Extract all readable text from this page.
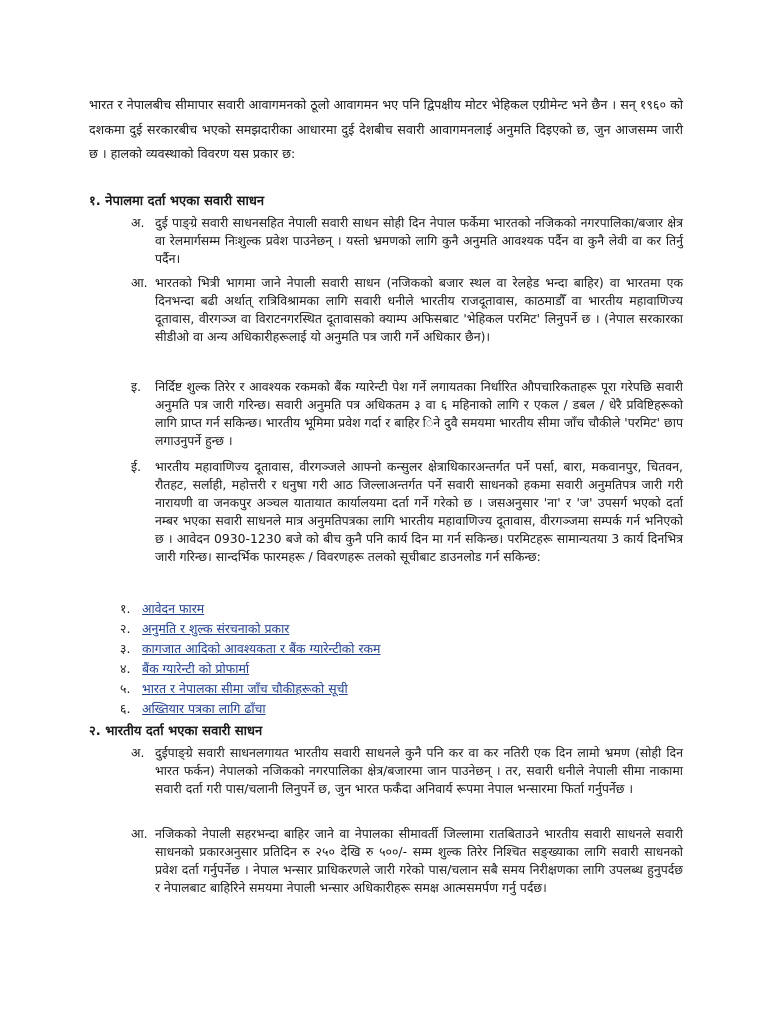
भारत र नेपालबीच सीमापार सवारी आवागमनको ठूलो आवागमन भए पनि द्विपक्षीय मोटर भेहिकल एग्रीमेन्ट भने छैन । सन् १९६० को दशकमा दुई सरकारबीच भएको समझदारीका आधारमा दुई देशबीच सवारी आवागमनलाई अनुमति दिइएको छ, जुन आजसम्म जारी छ । हालको व्यवस्थाको विवरण यस प्रकार छ:

१. नेपालमा दर्ता भएका सवारी साधन
अ. दुई पाङ्ग्रे सवारी साधनसहित नेपाली सवारी साधन सोही दिन नेपाल फर्केमा भारतको नजिकको नगरपालिका/बजार क्षेत्र वा रेलमार्गसम्म निःशुल्क प्रवेश पाउनेछन् । यस्तो भ्रमणको लागि कुनै अनुमति आवश्यक पर्दैन वा कुनै लेवी वा कर तिर्नु पर्दैन।
आ. भारतको भित्री भागमा जाने नेपाली सवारी साधन (नजिकको बजार स्थल वा रेलहेड भन्दा बाहिर) वा भारतमा एक दिनभन्दा बढी अर्थात् रात्रिविश्रामका लागि सवारी धनीले भारतीय राजदूतावास, काठमाडौँ वा भारतीय महावाणिज्य दूतावास, वीरगञ्ज वा विराटनगरस्थित दूतावासको क्याम्प अफिसबाट 'भेहिकल परमिट' लिनुपर्ने छ । (नेपाल सरकारका सीडीओ वा अन्य अधिकारीहरूलाई यो अनुमति पत्र जारी गर्ने अधिकार छैन)।
इ.	निर्दिष्ट शुल्क तिरेर र आवश्यक रकमको बैंक ग्यारेन्टी पेश गर्ने लगायतका निर्धारित औपचारिकताहरू पूरा गरेपछि सवारी अनुमति पत्र जारी गरिन्छ। सवारी अनुमति पत्र अधिकतम ३ वा ६ महिनाको लागि र एकल / डबल / धेरै प्रविष्टिहरूको लागि प्राप्त गर्न सकिन्छ। भारतीय भूमिमा प्रवेश गर्दा र बाहिर िने दुवै समयमा भारतीय सीमा जाँच चौकीले 'परमिट' छाप लगाउनुपर्ने हुन्छ ।
ई.	भारतीय महावाणिज्य दूतावास, वीरगञ्जले आफ्नो कन्सुलर क्षेत्राधिकारअन्तर्गत पर्ने पर्सा, बारा, मकवानपुर, चितवन, रौतहट, सर्लाही, महोत्तरी र धनुषा गरी आठ जिल्लाअन्तर्गत पर्ने सवारी साधनको हकमा सवारी अनुमतिपत्र जारी गरी नारायणी वा जनकपुर अञ्चल यातायात कार्यालयमा दर्ता गर्ने गरेको छ । जसअनुसार 'ना' र 'ज' उपसर्ग भएको दर्ता नम्बर भएका सवारी साधनले मात्र अनुमतिपत्रका लागि भारतीय महावाणिज्य दूतावास, वीरगञ्जमा सम्पर्क गर्न भनिएको छ । आवेदन 0930-1230 बजे को बीच कुनै पनि कार्य दिन मा गर्न सकिन्छ। परमिटहरू सामान्यतया 3 कार्य दिनभित्र जारी गरिन्छ। सान्दर्भिक फारमहरू / विवरणहरू तलको सूचीबाट डाउनलोड गर्न सकिन्छ:
१. आवेदन फारम
२. अनुमति र शुल्क संरचनाको प्रकार
३. कागजात आदिको आवश्यकता र बैंक ग्यारेन्टीको रकम
४. बैंक ग्यारेन्टी को प्रोफार्मा
५. भारत र नेपालका सीमा जाँच चौकीहरूको सूची
६. अख्तियार पत्रका लागि ढाँचा
२. भारतीय दर्ता भएका सवारी साधन
अ. दुईपाङ्ग्रे सवारी साधनलगायत भारतीय सवारी साधनले कुनै पनि कर वा कर नतिरी एक दिन लामो भ्रमण (सोही दिन भारत फर्कन) नेपालको नजिकको नगरपालिका क्षेत्र/बजारमा जान पाउनेछन् । तर, सवारी धनीले नेपाली सीमा नाकामा सवारी दर्ता गरी पास/चलानी लिनुपर्ने छ, जुन भारत फर्कँदा अनिवार्य रूपमा नेपाल भन्सारमा फिर्ता गर्नुपर्नेछ ।
आ. नजिकको नेपाली सहरभन्दा बाहिर जाने वा नेपालका सीमावर्ती जिल्लामा रातबिताउने भारतीय सवारी साधनले सवारी साधनको प्रकारअनुसार प्रतिदिन रु २५० देखि रु ५००/- सम्म शुल्क तिरेर निश्चित सङ्ख्याका लागि सवारी साधनको प्रवेश दर्ता गर्नुपर्नेछ । नेपाल भन्सार प्राधिकरणले जारी गरेको पास/चलान सबै समय निरीक्षणका लागि उपलब्ध हुनुपर्दछ र नेपालबाट बाहिरिने समयमा नेपाली भन्सार अधिकारीहरू समक्ष आत्मसमर्पण गर्नु पर्दछ।
